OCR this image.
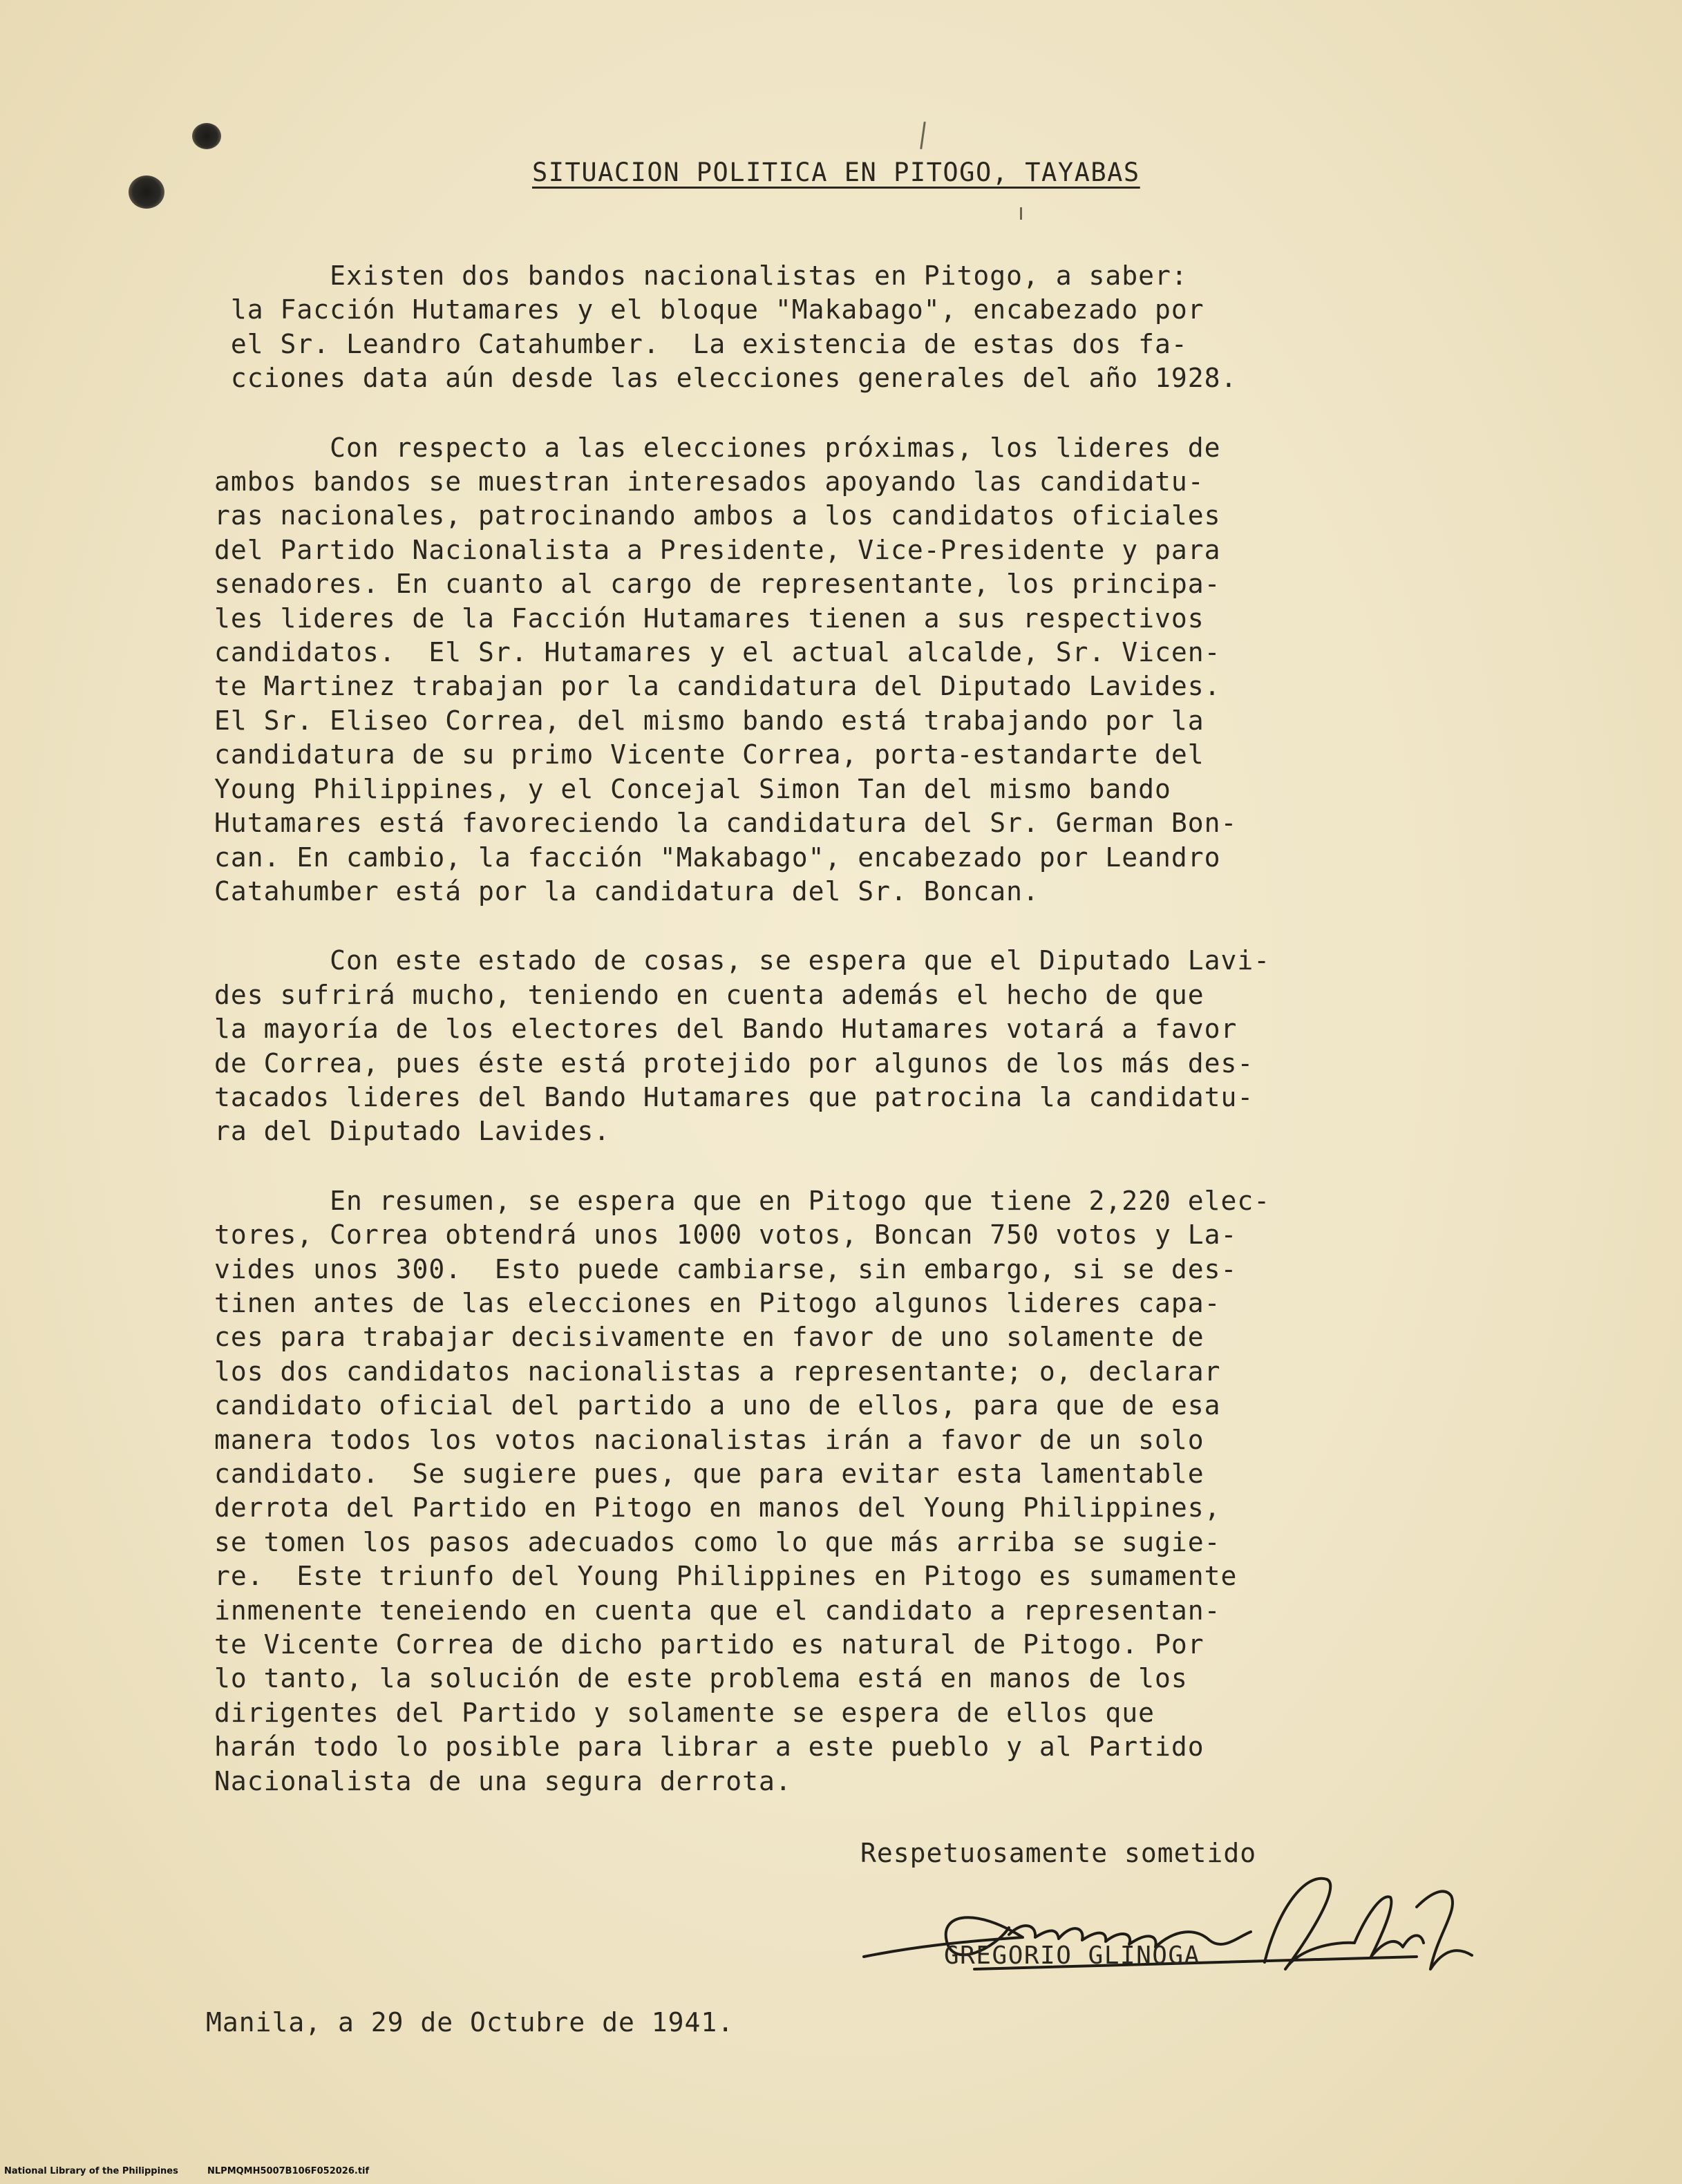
SITUACION POLITICA EN PITOGO, TAYABAS
Existen dos bandos nacionalistas en Pitogo, a saber:
la Facción Hutamares y el bloque "Makabago", encabezado por
el Sr. Leandro Catahumber.  La existencia de estas dos fa-
cciones data aún desde las elecciones generales del año 1928.
Con respecto a las elecciones próximas, los lideres de
ambos bandos se muestran interesados apoyando las candidatu-
ras nacionales, patrocinando ambos a los candidatos oficiales
del Partido Nacionalista a Presidente, Vice-Presidente y para
senadores. En cuanto al cargo de representante, los principa-
les lideres de la Facción Hutamares tienen a sus respectivos
candidatos.  El Sr. Hutamares y el actual alcalde, Sr. Vicen-
te Martinez trabajan por la candidatura del Diputado Lavides.
El Sr. Eliseo Correa, del mismo bando está trabajando por la
candidatura de su primo Vicente Correa, porta-estandarte del
Young Philippines, y el Concejal Simon Tan del mismo bando
Hutamares está favoreciendo la candidatura del Sr. German Bon-
can. En cambio, la facción "Makabago", encabezado por Leandro
Catahumber está por la candidatura del Sr. Boncan.
Con este estado de cosas, se espera que el Diputado Lavi-
des sufrirá mucho, teniendo en cuenta además el hecho de que
la mayoría de los electores del Bando Hutamares votará a favor
de Correa, pues éste está protejido por algunos de los más des-
tacados lideres del Bando Hutamares que patrocina la candidatu-
ra del Diputado Lavides.
En resumen, se espera que en Pitogo que tiene 2,220 elec-
tores, Correa obtendrá unos 1000 votos, Boncan 750 votos y La-
vides unos 300.  Esto puede cambiarse, sin embargo, si se des-
tinen antes de las elecciones en Pitogo algunos lideres capa-
ces para trabajar decisivamente en favor de uno solamente de
los dos candidatos nacionalistas a representante; o, declarar
candidato oficial del partido a uno de ellos, para que de esa
manera todos los votos nacionalistas irán a favor de un solo
candidato.  Se sugiere pues, que para evitar esta lamentable
derrota del Partido en Pitogo en manos del Young Philippines,
se tomen los pasos adecuados como lo que más arriba se sugie-
re.  Este triunfo del Young Philippines en Pitogo es sumamente
inmenente teneiendo en cuenta que el candidato a representan-
te Vicente Correa de dicho partido es natural de Pitogo. Por
lo tanto, la solución de este problema está en manos de los
dirigentes del Partido y solamente se espera de ellos que
harán todo lo posible para librar a este pueblo y al Partido
Nacionalista de una segura derrota.
Respetuosamente sometido
GREGORIO GLINOGA
Manila, a 29 de Octubre de 1941.
National Library of the Philippines	NLPMQMH5007B106F052026.tif
